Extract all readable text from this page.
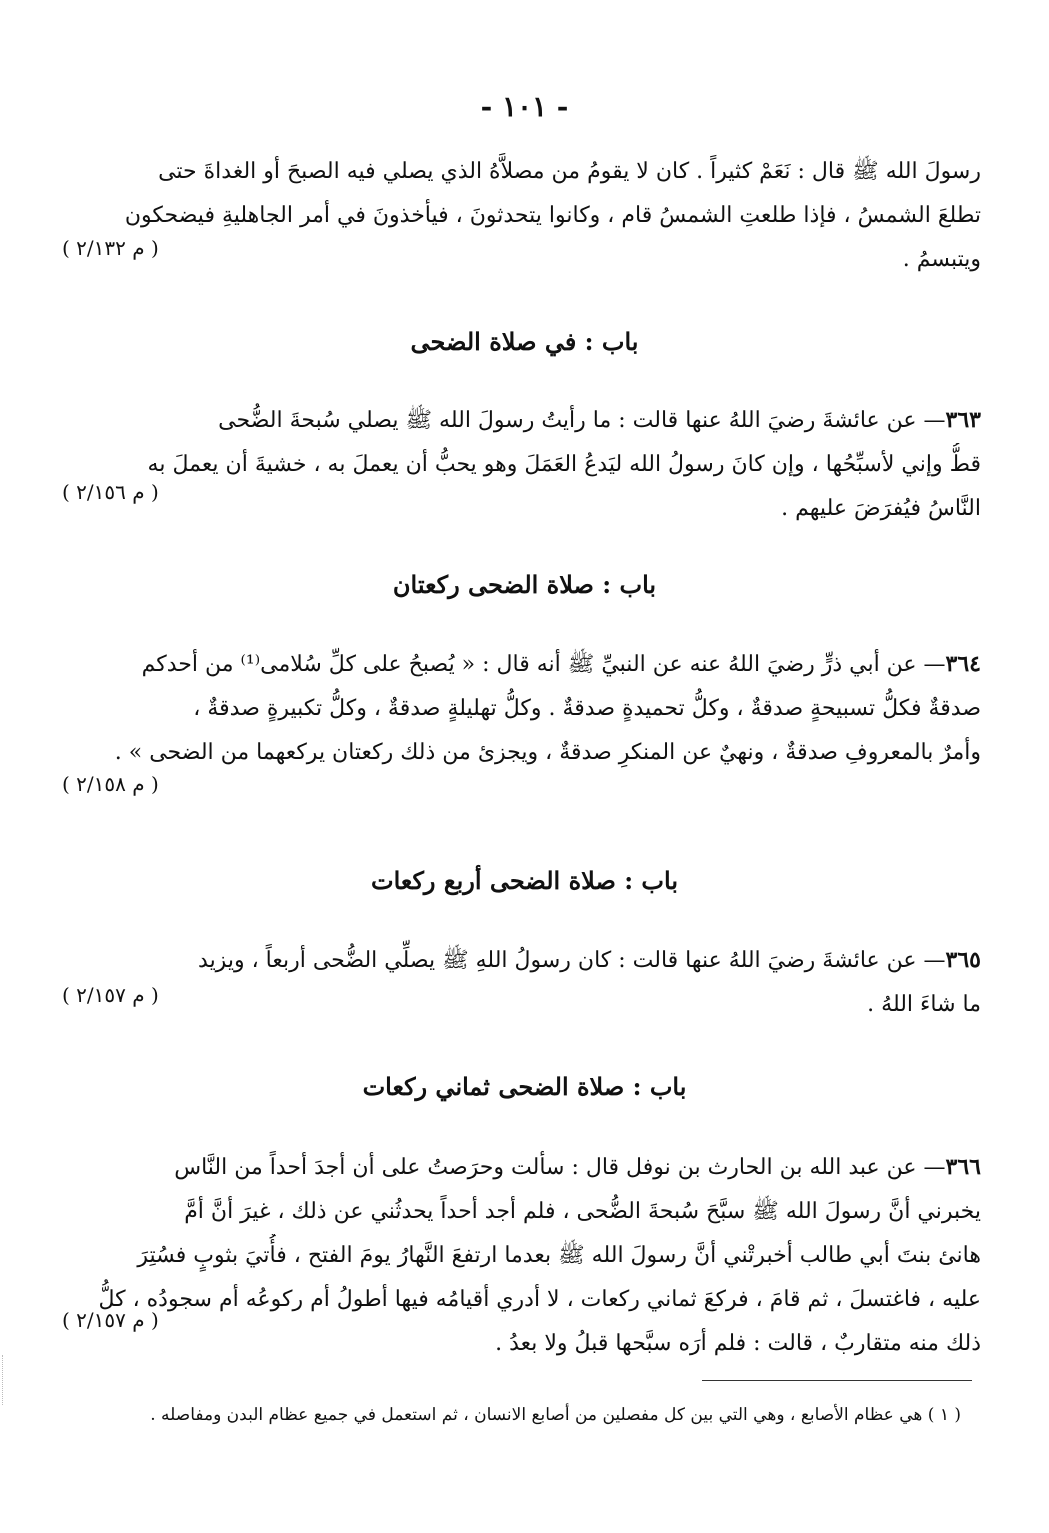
- ١٠١ -
رسولَ الله ﷺ قال : نَعَمْ كثيراً . كان لا يقومُ من مصلاَّهُ الذي يصلي فيه الصبحَ أو الغداةَ حتى
تطلعَ الشمسُ ، فإذا طلعتِ الشمسُ قام ، وكانوا يتحدثونَ ، فيأخذونَ في أمر الجاهليةِ فيضحكون
ويتبسمُ .
( م ٢/١٣٢ )
باب : في صلاة الضحى
٣٦٣— عن عائشةَ رضيَ اللهُ عنها قالت : ما رأيتُ رسولَ الله ﷺ يصلي سُبحةَ الضُّحى
قطُّ وإني لأسبِّحُها ، وإن كانَ رسولُ الله ليَدعُ العَمَلَ وهو يحبُّ أن يعملَ به ، خشيةَ أن يعملَ به
النَّاسُ فيُفرَضَ عليهم .
( م ٢/١٥٦ )
باب : صلاة الضحى ركعتان
٣٦٤— عن أبي ذرٍّ رضيَ اللهُ عنه عن النبيِّ ﷺ أنه قال : « يُصبحُ على كلِّ سُلامى⁽¹⁾ من أحدكم
صدقةٌ فكلُّ تسبيحةٍ صدقةٌ ، وكلُّ تحميدةٍ صدقةٌ . وكلُّ تهليلةٍ صدقةٌ ، وكلُّ تكبيرةٍ صدقةٌ ،
وأمرٌ بالمعروفِ صدقةٌ ، ونهيٌ عن المنكرِ صدقةٌ ، ويجزئ من ذلك ركعتان يركعهما من الضحى » .
( م ٢/١٥٨ )
باب : صلاة الضحى أربع ركعات
٣٦٥— عن عائشةَ رضيَ اللهُ عنها قالت : كان رسولُ اللهِ ﷺ يصلِّي الضُّحى أربعاً ، ويزيد
ما شاءَ اللهُ .
( م ٢/١٥٧ )
باب : صلاة الضحى ثماني ركعات
٣٦٦— عن عبد الله بن الحارث بن نوفل قال : سألت وحرَصتُ على أن أجدَ أحداً من النَّاس
يخبرني أنَّ رسولَ الله ﷺ سبَّحَ سُبحةَ الضُّحى ، فلم أجد أحداً يحدثُني عن ذلك ، غيرَ أنَّ أمَّ
هانئ بنتَ أبي طالب أخبرتْني أنَّ رسولَ الله ﷺ بعدما ارتفعَ النَّهارُ يومَ الفتح ، فأُتيَ بثوبٍ فسُتِرَ
عليه ، فاغتسلَ ، ثم قامَ ، فركعَ ثماني ركعات ، لا أدري أقيامُه فيها أطولُ أم ركوعُه أم سجودُه ، كلُّ
ذلك منه متقاربٌ ، قالت : فلم أرَه سبَّحها قبلُ ولا بعدُ .
( م ٢/١٥٧ )
( ١ ) هي عظام الأصابع ، وهي التي بين كل مفصلين من أصابع الانسان ، ثم استعمل في جميع عظام البدن ومفاصله .
